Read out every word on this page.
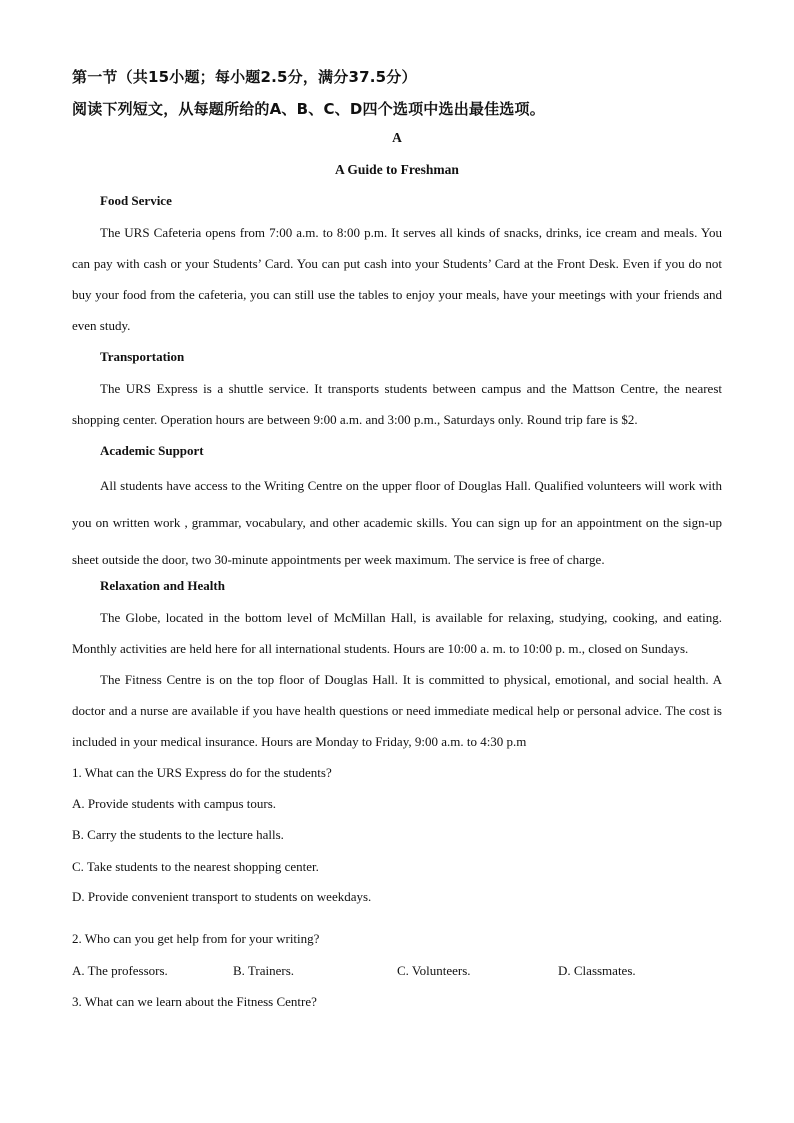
第一节（共15小题；每小题2.5分，满分37.5分）
阅读下列短文，从每题所给的A、B、C、D四个选项中选出最佳选项。
A
A Guide to Freshman
Food Service
The URS Cafeteria opens from 7:00 a.m. to 8:00 p.m. It serves all kinds of snacks, drinks, ice cream and meals. You can pay with cash or your Students’ Card. You can put cash into your Students’ Card at the Front Desk. Even if you do not buy your food from the cafeteria, you can still use the tables to enjoy your meals, have your meetings with your friends and even study.
Transportation
The URS Express is a shuttle service. It transports students between campus and the Mattson Centre, the nearest shopping center. Operation hours are between 9:00 a.m. and 3:00 p.m., Saturdays only. Round trip fare is $2.
Academic Support
All students have access to the Writing Centre on the upper floor of Douglas Hall. Qualified volunteers will work with you on written work , grammar, vocabulary, and other academic skills. You can sign up for an appointment on the sign-up sheet outside the door, two 30-minute appointments per week maximum. The service is free of charge.
Relaxation and Health
The Globe, located in the bottom level of McMillan Hall, is available for relaxing, studying, cooking, and eating. Monthly activities are held here for all international students. Hours are 10:00 a. m. to 10:00 p. m., closed on Sundays.
The Fitness Centre is on the top floor of Douglas Hall. It is committed to physical, emotional, and social health. A doctor and a nurse are available if you have health questions or need immediate medical help or personal advice. The cost is included in your medical insurance. Hours are Monday to Friday, 9:00 a.m. to 4:30 p.m
1. What can the URS Express do for the students?
A. Provide students with campus tours.
B. Carry the students to the lecture halls.
C. Take students to the nearest shopping center.
D. Provide convenient transport to students on weekdays.
2. Who can you get help from for your writing?
A. The professors.	B. Trainers.	C. Volunteers.	D. Classmates.
3. What can we learn about the Fitness Centre?
